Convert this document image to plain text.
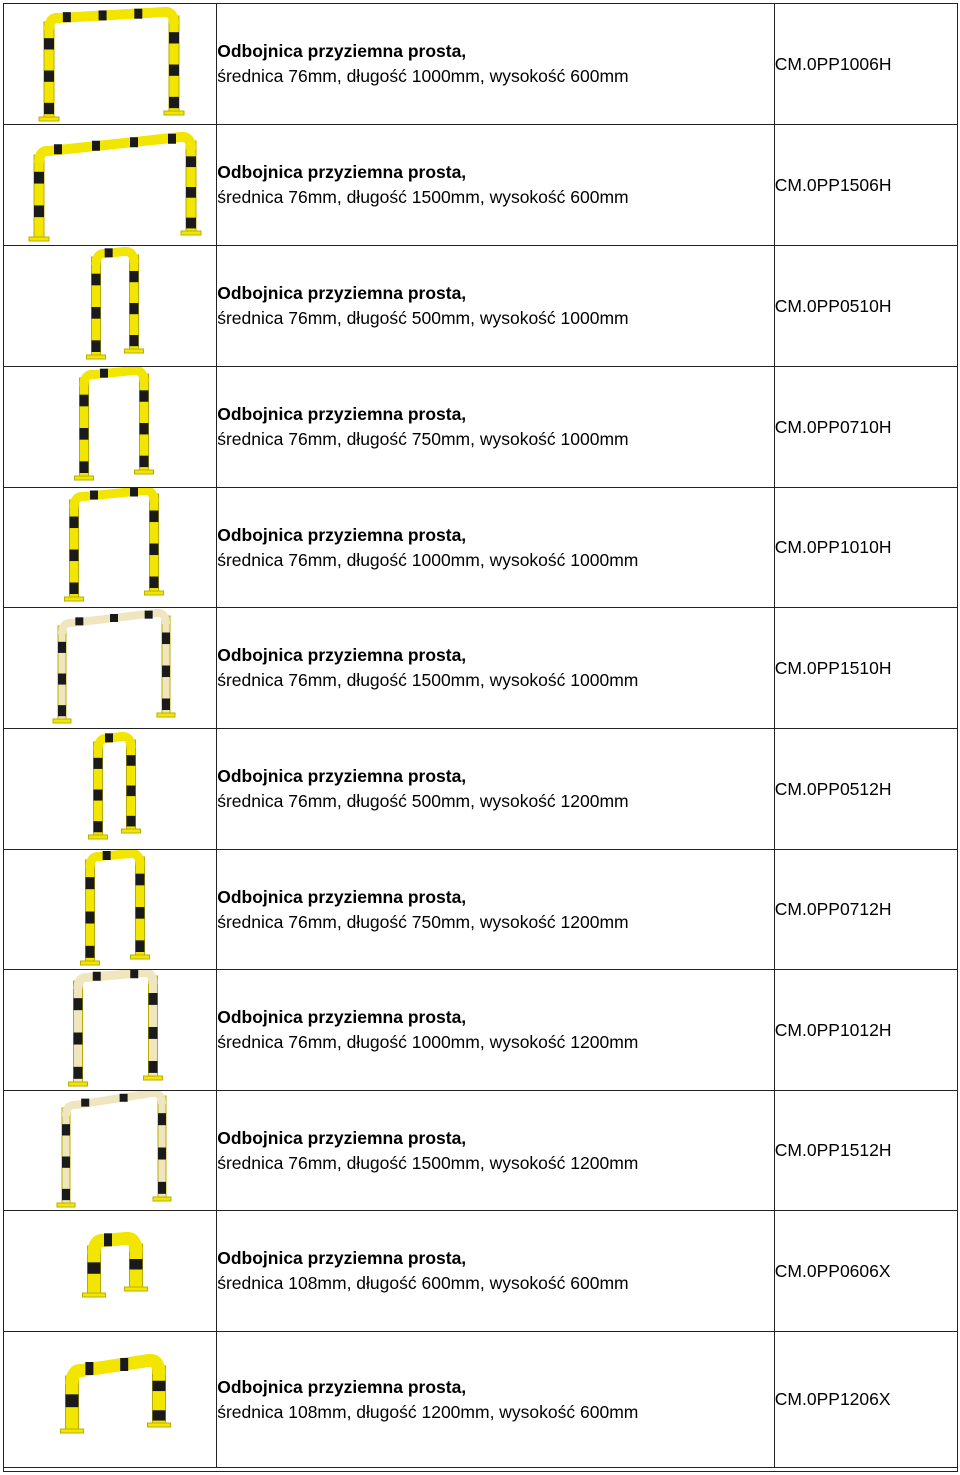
Odbojnica przyziemna prosta,
średnica 76mm, długość 1000mm, wysokość 600mm	CM.0PP1006H

Odbojnica przyziemna prosta,
średnica 76mm, długość 1500mm, wysokość 600mm	CM.0PP1506H

Odbojnica przyziemna prosta,
średnica 76mm, długość 500mm, wysokość 1000mm	CM.0PP0510H

Odbojnica przyziemna prosta,
średnica 76mm, długość 750mm, wysokość 1000mm	CM.0PP0710H

Odbojnica przyziemna prosta,
średnica 76mm, długość 1000mm, wysokość 1000mm	CM.0PP1010H

Odbojnica przyziemna prosta,
średnica 76mm, długość 1500mm, wysokość 1000mm	CM.0PP1510H

Odbojnica przyziemna prosta,
średnica 76mm, długość 500mm, wysokość 1200mm	CM.0PP0512H

Odbojnica przyziemna prosta,
średnica 76mm, długość 750mm, wysokość 1200mm	CM.0PP0712H

Odbojnica przyziemna prosta,
średnica 76mm, długość 1000mm, wysokość 1200mm	CM.0PP1012H

Odbojnica przyziemna prosta,
średnica 76mm, długość 1500mm, wysokość 1200mm	CM.0PP1512H

Odbojnica przyziemna prosta,
średnica 108mm, długość 600mm, wysokość 600mm	CM.0PP0606X

Odbojnica przyziemna prosta,
średnica 108mm, długość 1200mm, wysokość 600mm	CM.0PP1206X
